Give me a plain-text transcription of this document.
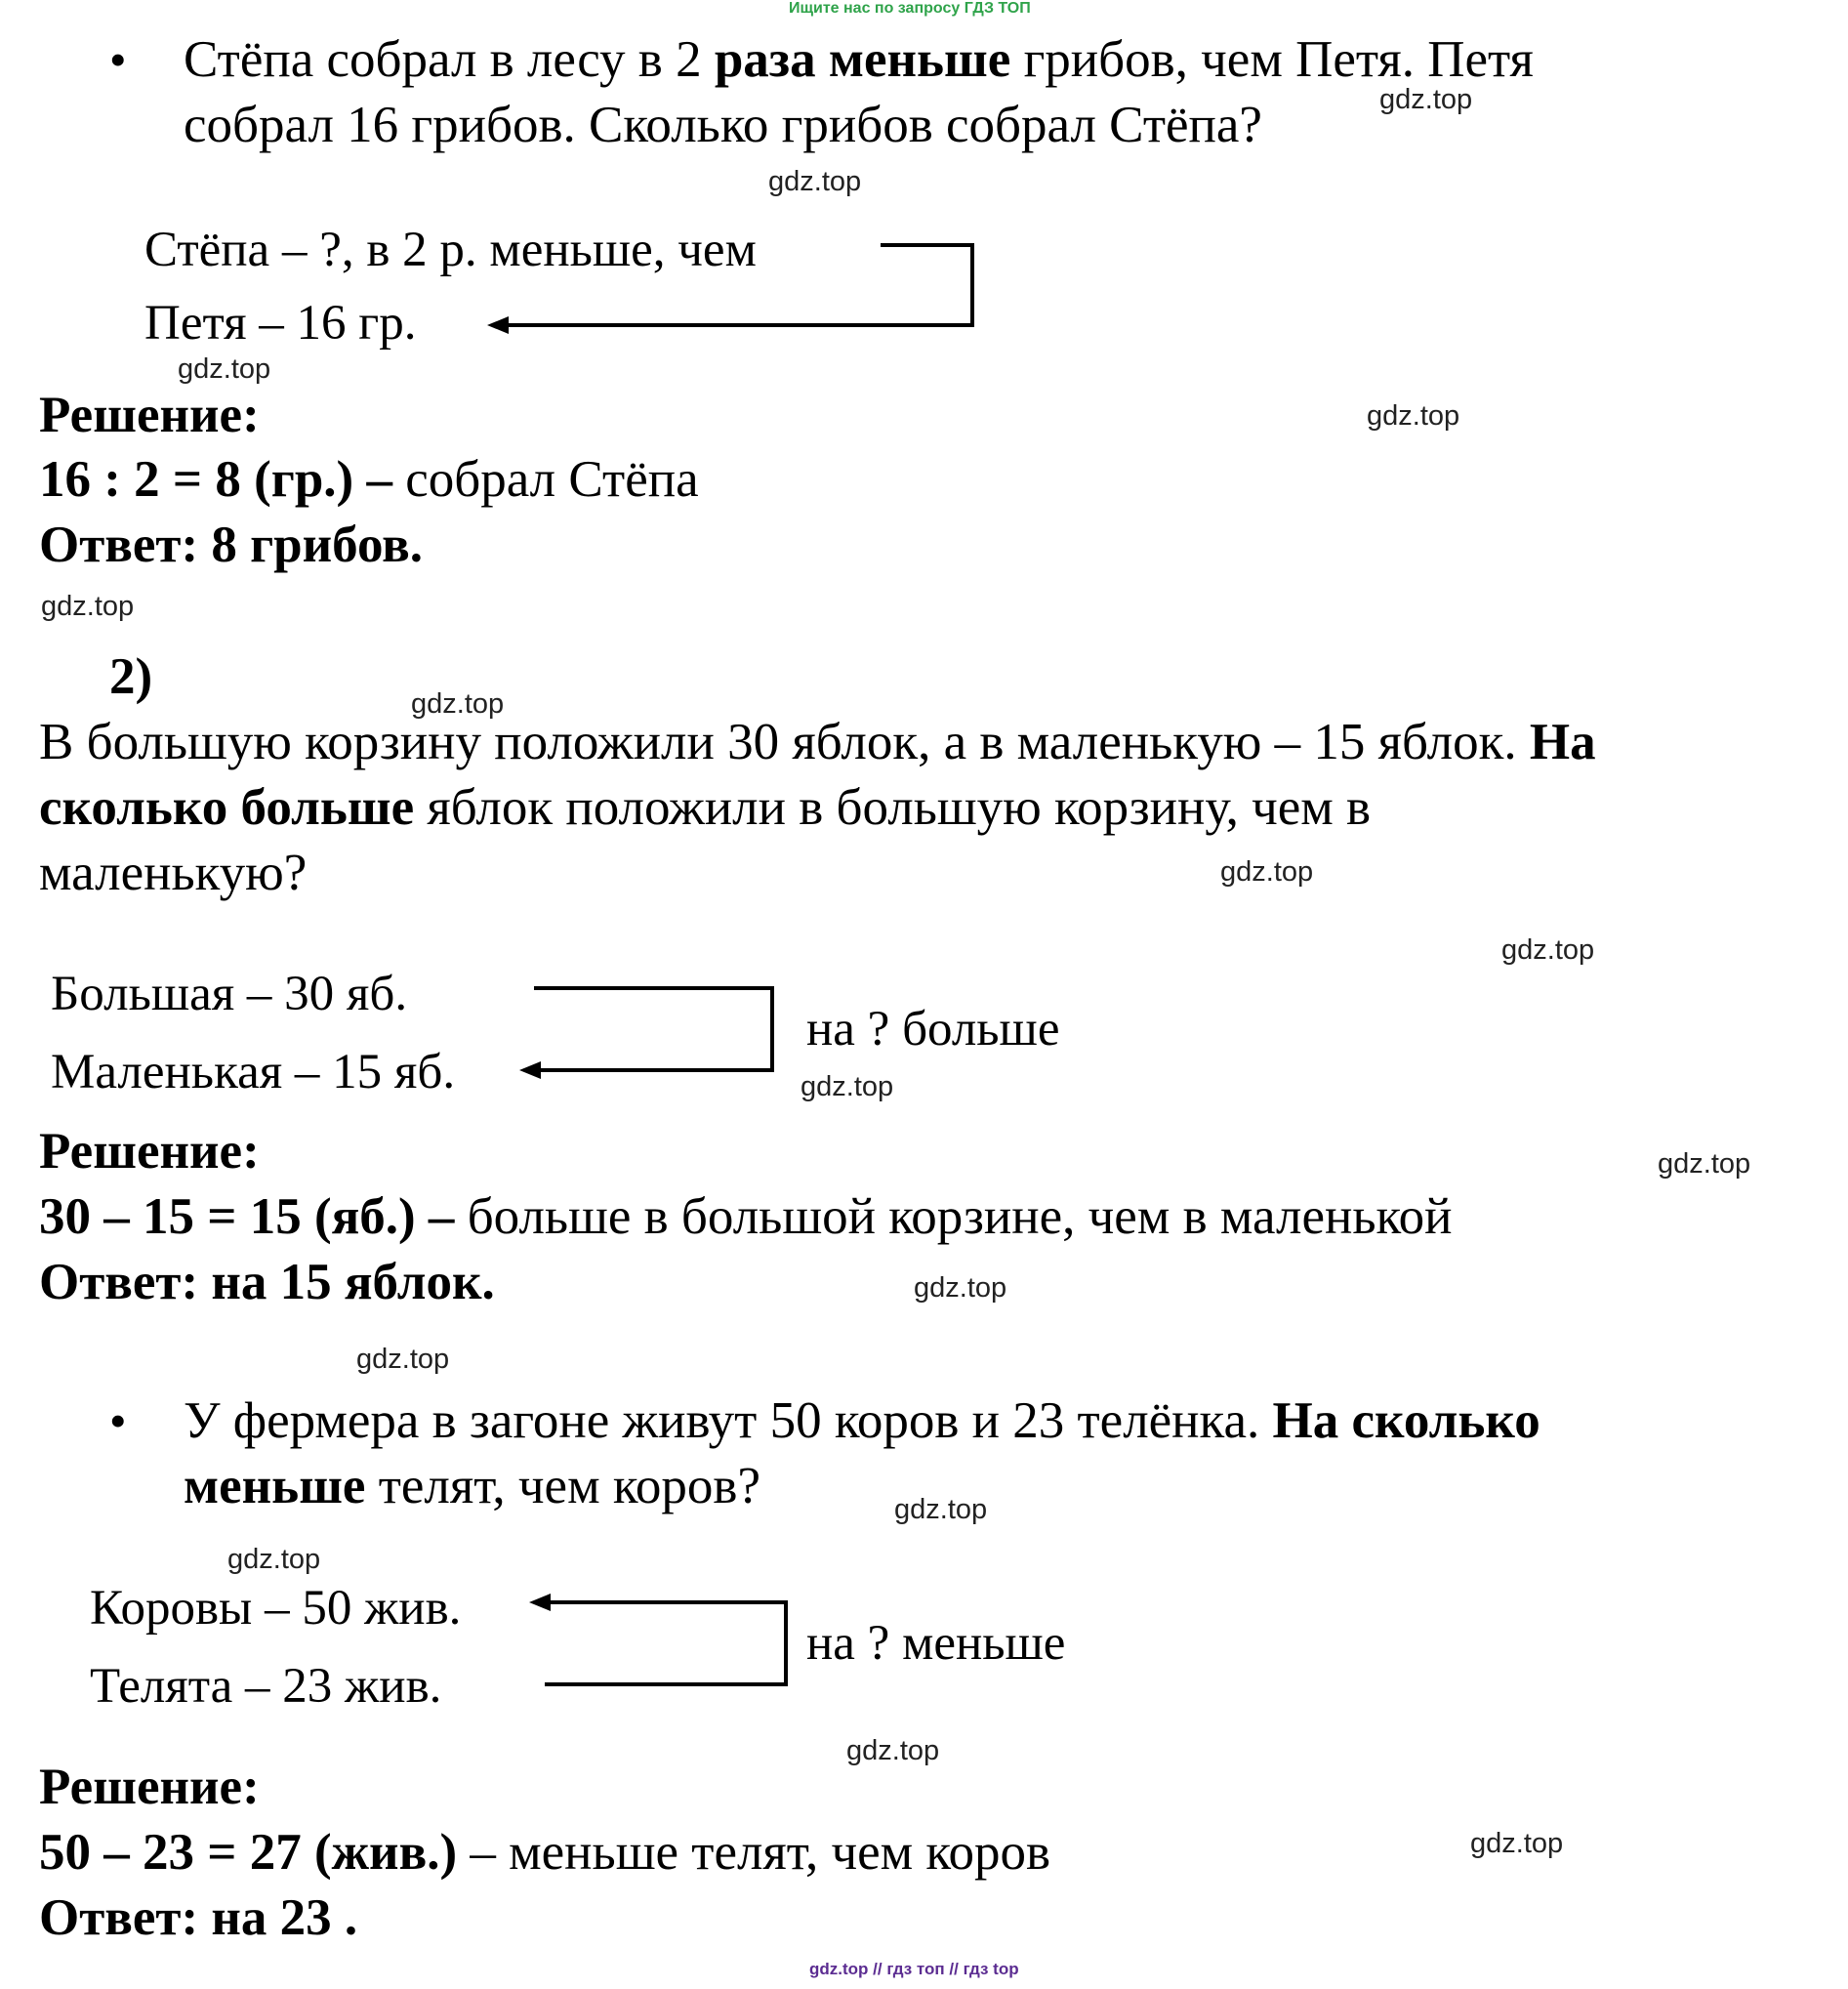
Ищите нас по запросу ГДЗ ТОП
• Стёпа собрал в лесу в 2 раза меньше грибов, чем Петя. Петя
собрал 16 грибов. Сколько грибов собрал Стёпа?
Стёпа – ?, в 2 р. меньше, чем
Петя – 16 гр.
Решение:
16 : 2 = 8 (гр.) – собрал Стёпа
Ответ: 8 грибов.
2)
В большую корзину положили 30 яблок, а в маленькую – 15 яблок. На
сколько больше яблок положили в большую корзину, чем в
маленькую?
Большая – 30 яб.
Маленькая – 15 яб.
на ? больше
Решение:
30 – 15 = 15 (яб.) – больше в большой корзине, чем в маленькой
Ответ: на 15 яблок.
• У фермера в загоне живут 50 коров и 23 телёнка. На сколько
меньше телят, чем коров?
Коровы – 50 жив.
Телята – 23 жив.
на ? меньше
Решение:
50 – 23 = 27 (жив.) – меньше телят, чем коров
Ответ: на 23 .
gdz.top
gdz.top
gdz.top
gdz.top
gdz.top
gdz.top
gdz.top
gdz.top
gdz.top
gdz.top
gdz.top
gdz.top
gdz.top
gdz.top
gdz.top
gdz.top
gdz.top // гдз топ // гдз top
